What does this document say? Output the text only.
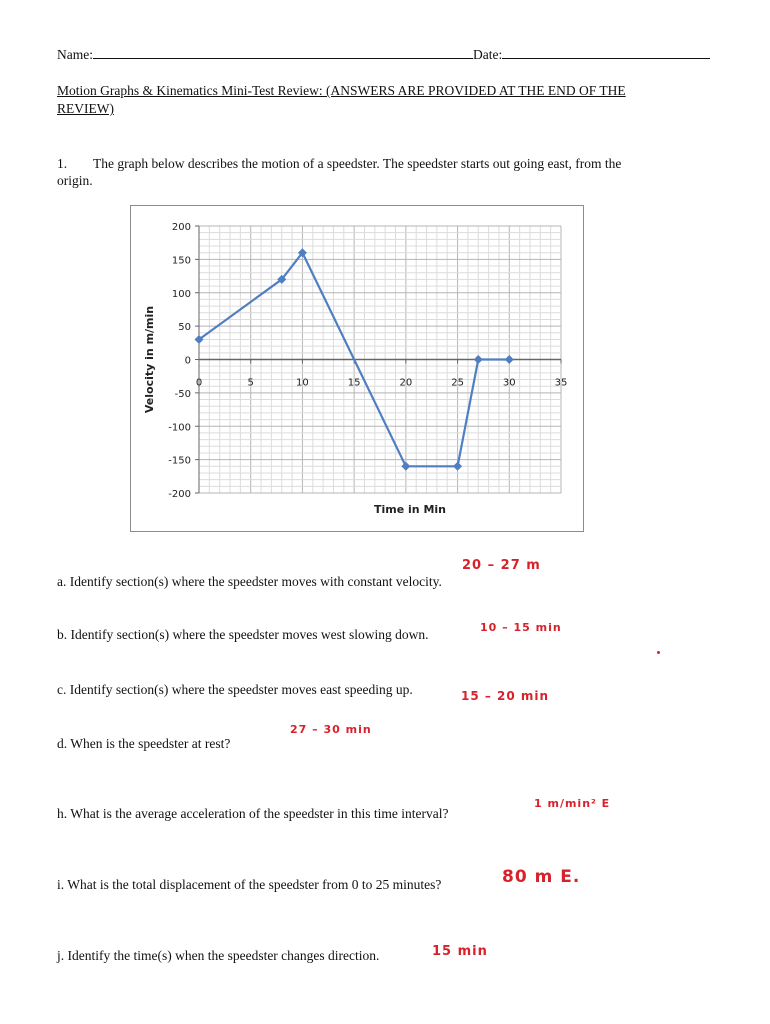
Name:	Date:
Motion Graphs & Kinematics Mini-Test Review: (ANSWERS ARE PROVIDED AT THE END OF THE
REVIEW)
1. The graph below describes the motion of a speedster. The speedster starts out going east, from the
origin.
200
150
100
50
0
-50
-100
-150
-200
0	5	10	15	20	25	30	35
Time in Min
Velocity in m/min
a. Identify section(s) where the speedster moves with constant velocity.
20 – 27 m
b. Identify section(s) where the speedster moves west slowing down.	10 – 15 min
c. Identify section(s) where the speedster moves east speeding up.	15 – 20 min
27 – 30 min
d. When is the speedster at rest?
1 m/min² E
h. What is the average acceleration of the speedster in this time interval?
i. What is the total displacement of the speedster from 0 to 25 minutes?	80 m E.
j. Identify the time(s) when the speedster changes direction.	15 min
